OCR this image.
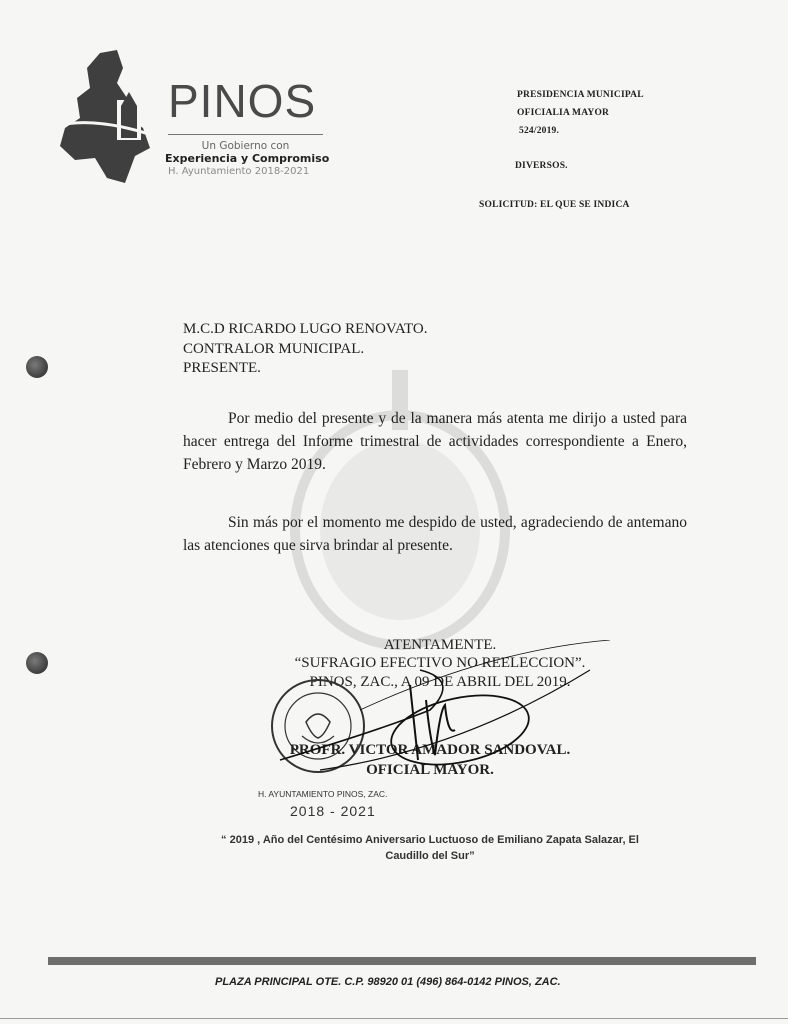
PINOS
Un Gobierno con
Experiencia y Compromiso
H. Ayuntamiento 2018-2021
PRESIDENCIA MUNICIPAL
OFICIALIA MAYOR
524/2019.
DIVERSOS.
SOLICITUD: EL QUE SE INDICA
M.C.D RICARDO LUGO RENOVATO.
CONTRALOR MUNICIPAL.
PRESENTE.
Por medio del presente y de la manera más atenta me dirijo a usted para hacer entrega del Informe trimestral de actividades correspondiente a Enero, Febrero y Marzo 2019.
Sin más por el momento me despido de usted, agradeciendo de antemano las atenciones que sirva brindar al presente.
ATENTAMENTE.
“SUFRAGIO EFECTIVO NO REELECCION”.
PINOS, ZAC., A 09 DE ABRIL DEL 2019.
PROFR. VICTOR AMADOR SANDOVAL.
OFICIAL MAYOR.
H. AYUNTAMIENTO PINOS, ZAC.
2018 - 2021
“ 2019 , Año del Centésimo Aniversario Luctuoso de Emiliano Zapata Salazar, El
Caudillo del Sur”
PLAZA PRINCIPAL OTE. C.P. 98920 01 (496) 864-0142 PINOS, ZAC.
